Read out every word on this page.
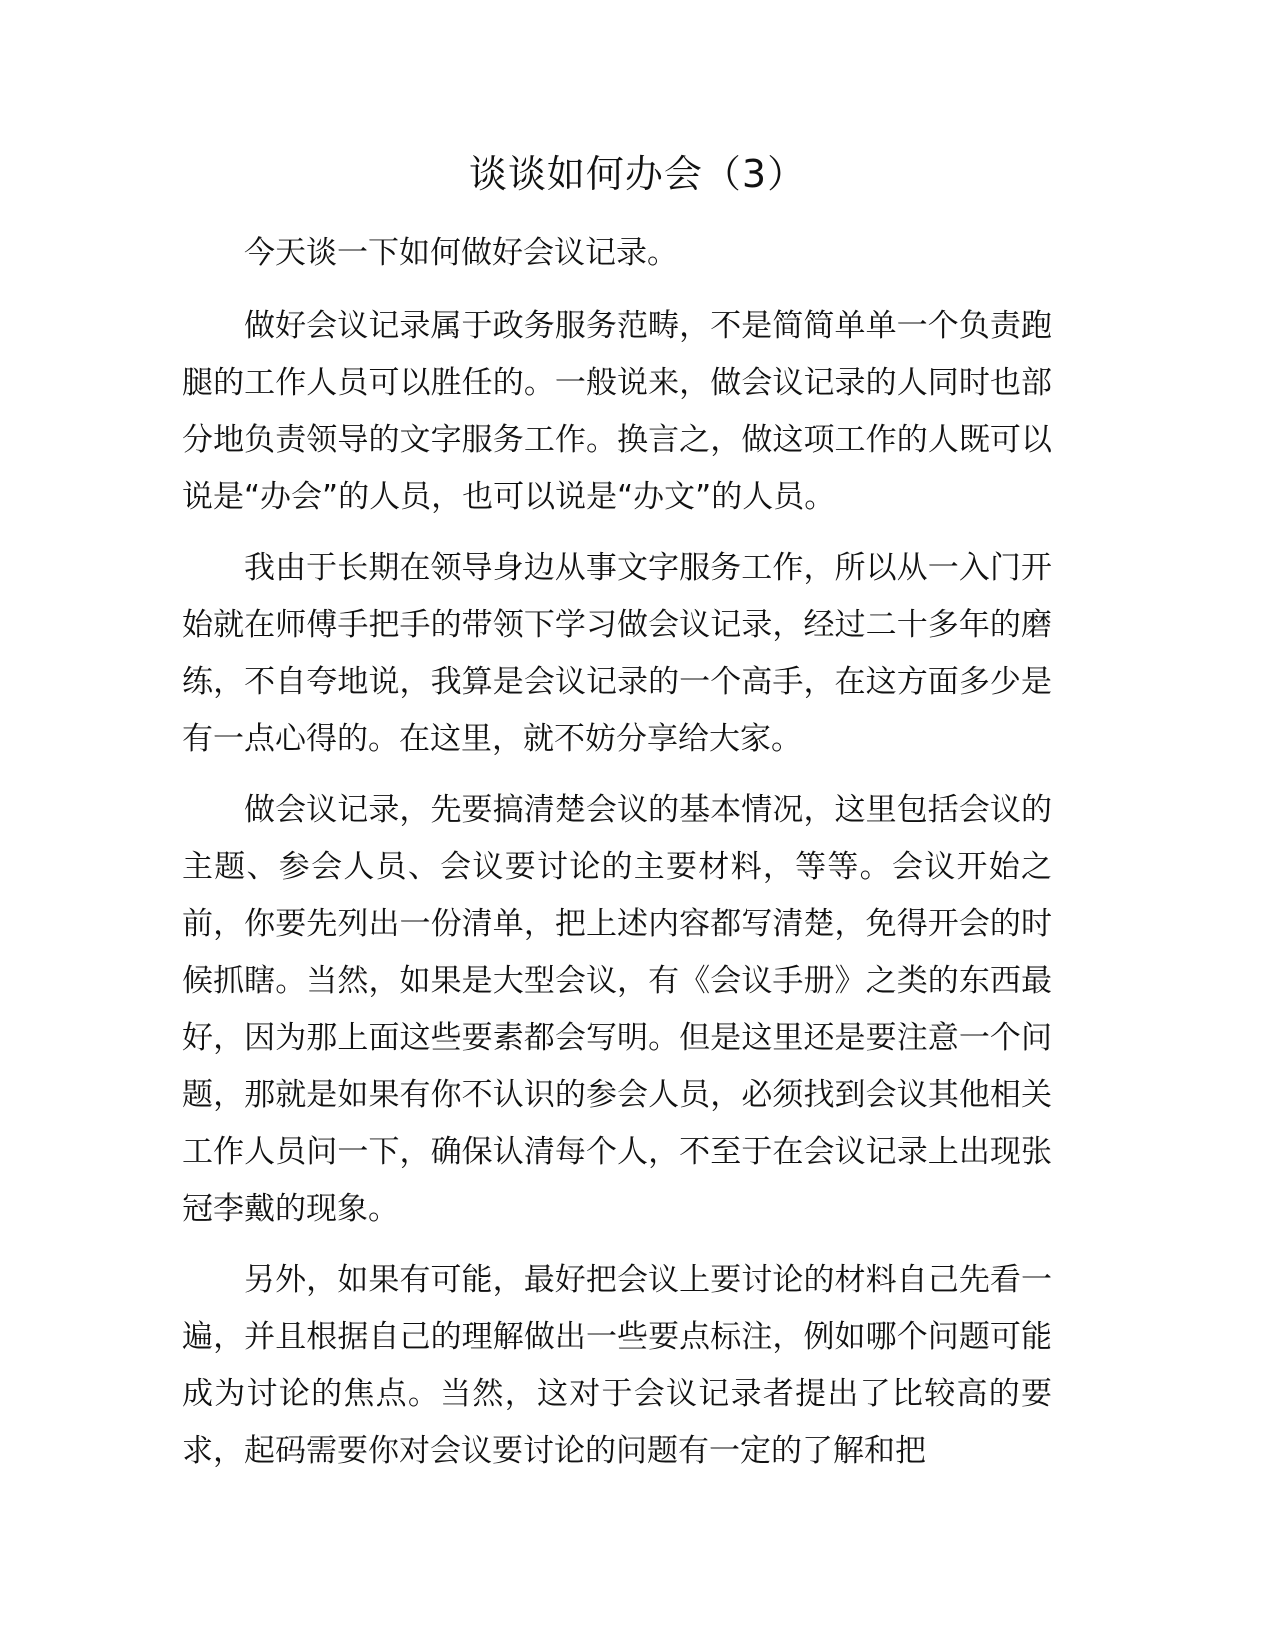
谈谈如何办会（3）

今天谈一下如何做好会议记录。

做好会议记录属于政务服务范畴，不是简简单单一个负责跑腿的工作人员可以胜任的。一般说来，做会议记录的人同时也部分地负责领导的文字服务工作。换言之，做这项工作的人既可以说是“办会”的人员，也可以说是“办文”的人员。

我由于长期在领导身边从事文字服务工作，所以从一入门开始就在师傅手把手的带领下学习做会议记录，经过二十多年的磨练，不自夸地说，我算是会议记录的一个高手，在这方面多少是有一点心得的。在这里，就不妨分享给大家。

做会议记录，先要搞清楚会议的基本情况，这里包括会议的主题、参会人员、会议要讨论的主要材料，等等。会议开始之前，你要先列出一份清单，把上述内容都写清楚，免得开会的时候抓瞎。当然，如果是大型会议，有《会议手册》之类的东西最好，因为那上面这些要素都会写明。但是这里还是要注意一个问题，那就是如果有你不认识的参会人员，必须找到会议其他相关工作人员问一下，确保认清每个人，不至于在会议记录上出现张冠李戴的现象。

另外，如果有可能，最好把会议上要讨论的材料自己先看一遍，并且根据自己的理解做出一些要点标注，例如哪个问题可能成为讨论的焦点。当然，这对于会议记录者提出了比较高的要求，起码需要你对会议要讨论的问题有一定的了解和把
